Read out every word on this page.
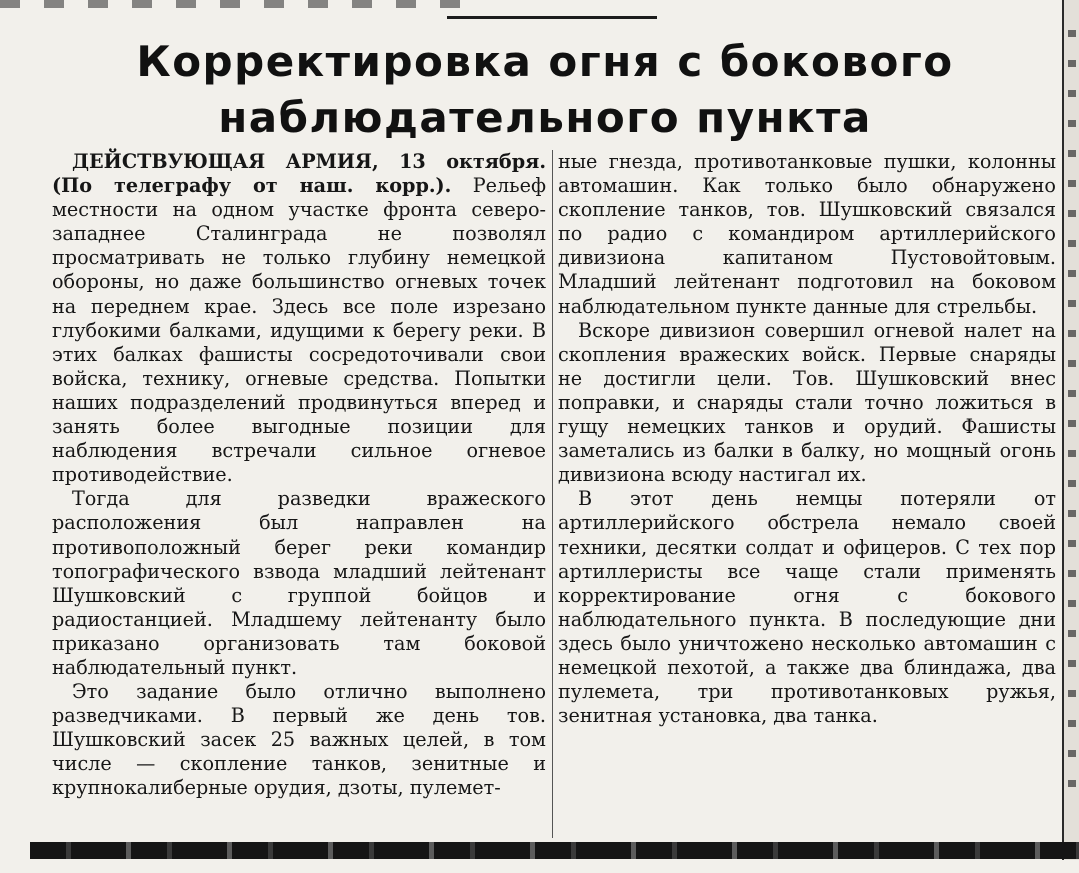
Корректировка огня с бокового
наблюдательного пункта

ДЕЙСТВУЮЩАЯ АРМИЯ, 13 октября. (По телеграфу от наш. корр.). Рельеф местности на одном участке фронта северо-западнее Сталинграда не позволял просматривать не только глубину немецкой обороны, но даже большинство огневых точек на переднем крае. Здесь все поле изрезано глубокими балками, идущими к берегу реки. В этих балках фашисты сосредоточивали свои войска, технику, огневые средства. Попытки наших подразделений продвинуться вперед и занять более выгодные позиции для наблюдения встречали сильное огневое противодействие.

Тогда для разведки вражеского расположения был направлен на противоположный берег реки командир топографического взвода младший лейтенант Шушковский с группой бойцов и радиостанцией. Младшему лейтенанту было приказано организовать там боковой наблюдательный пункт.

Это задание было отлично выполнено разведчиками. В первый же день тов. Шушковский засек 25 важных целей, в том числе — скопление танков, зенитные и крупнокалиберные орудия, дзоты, пулемет-

ные гнезда, противотанковые пушки, колонны автомашин. Как только было обнаружено скопление танков, тов. Шушковский связался по радио с командиром артиллерийского дивизиона капитаном Пустовойтовым. Младший лейтенант подготовил на боковом наблюдательном пункте данные для стрельбы.

Вскоре дивизион совершил огневой налет на скопления вражеских войск. Первые снаряды не достигли цели. Тов. Шушковский внес поправки, и снаряды стали точно ложиться в гущу немецких танков и орудий. Фашисты заметались из балки в балку, но мощный огонь дивизиона всюду настигал их.

В этот день немцы потеряли от артиллерийского обстрела немало своей техники, десятки солдат и офицеров. С тех пор артиллеристы все чаще стали применять корректирование огня с бокового наблюдательного пункта. В последующие дни здесь было уничтожено несколько автомашин с немецкой пехотой, а также два блиндажа, два пулемета, три противотанковых ружья, зенитная установка, два танка.
